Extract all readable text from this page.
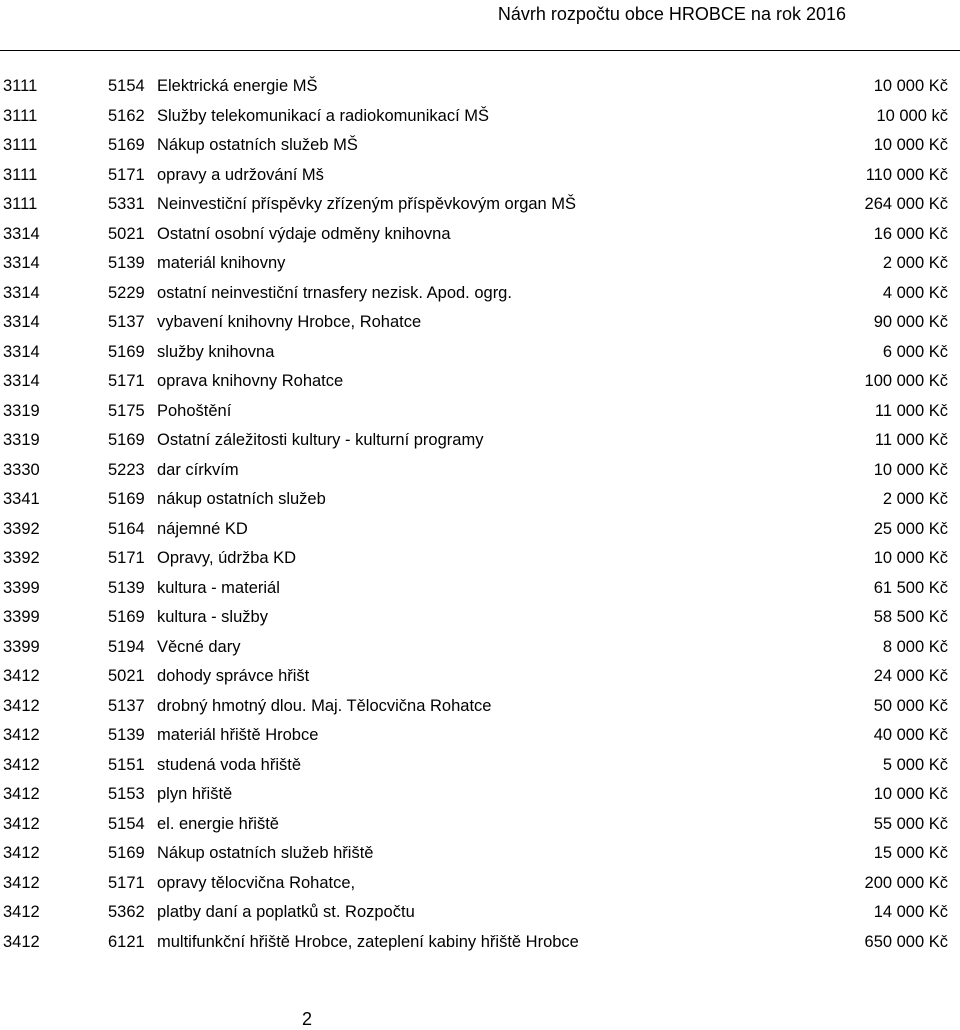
Návrh rozpočtu obce HROBCE na rok 2016
3111	5154 Elektrická energie MŠ	10 000 Kč
3111	5162 Služby telekomunikací a radiokomunikací MŠ	10 000 kč
3111	5169 Nákup ostatních služeb MŠ	10 000 Kč
3111	5171 opravy a udržování Mš	110 000 Kč
3111	5331 Neinvestiční příspěvky zřízeným příspěvkovým organ MŠ	264 000 Kč
3314	5021 Ostatní osobní výdaje odměny knihovna	16 000 Kč
3314	5139 materiál knihovny	2 000 Kč
3314	5229 ostatní neinvestiční trnasfery nezisk. Apod. ogrg.	4 000 Kč
3314	5137 vybavení knihovny Hrobce, Rohatce	90 000 Kč
3314	5169 služby knihovna	6 000 Kč
3314	5171 oprava knihovny Rohatce	100 000 Kč
3319	5175 Pohoštění	11 000 Kč
3319	5169 Ostatní záležitosti kultury - kulturní programy	11 000 Kč
3330	5223 dar církvím	10 000 Kč
3341	5169 nákup ostatních služeb	2 000 Kč
3392	5164 nájemné KD	25 000 Kč
3392	5171 Opravy, údržba KD	10 000 Kč
3399	5139 kultura - materiál	61 500 Kč
3399	5169 kultura - služby	58 500 Kč
3399	5194 Věcné dary	8 000 Kč
3412	5021 dohody správce hřišt	24 000 Kč
3412	5137 drobný hmotný dlou. Maj. Tělocvična Rohatce	50 000 Kč
3412	5139 materiál hřiště Hrobce	40 000 Kč
3412	5151 studená voda hřiště	5 000 Kč
3412	5153 plyn hřiště	10 000 Kč
3412	5154 el. energie hřiště	55 000 Kč
3412	5169 Nákup ostatních služeb hřiště	15 000 Kč
3412	5171 opravy tělocvična Rohatce,	200 000 Kč
3412	5362 platby daní a poplatků st. Rozpočtu	14 000 Kč
3412	6121 multifunkční hřiště Hrobce, zateplení kabiny hřiště Hrobce	650 000 Kč
2
